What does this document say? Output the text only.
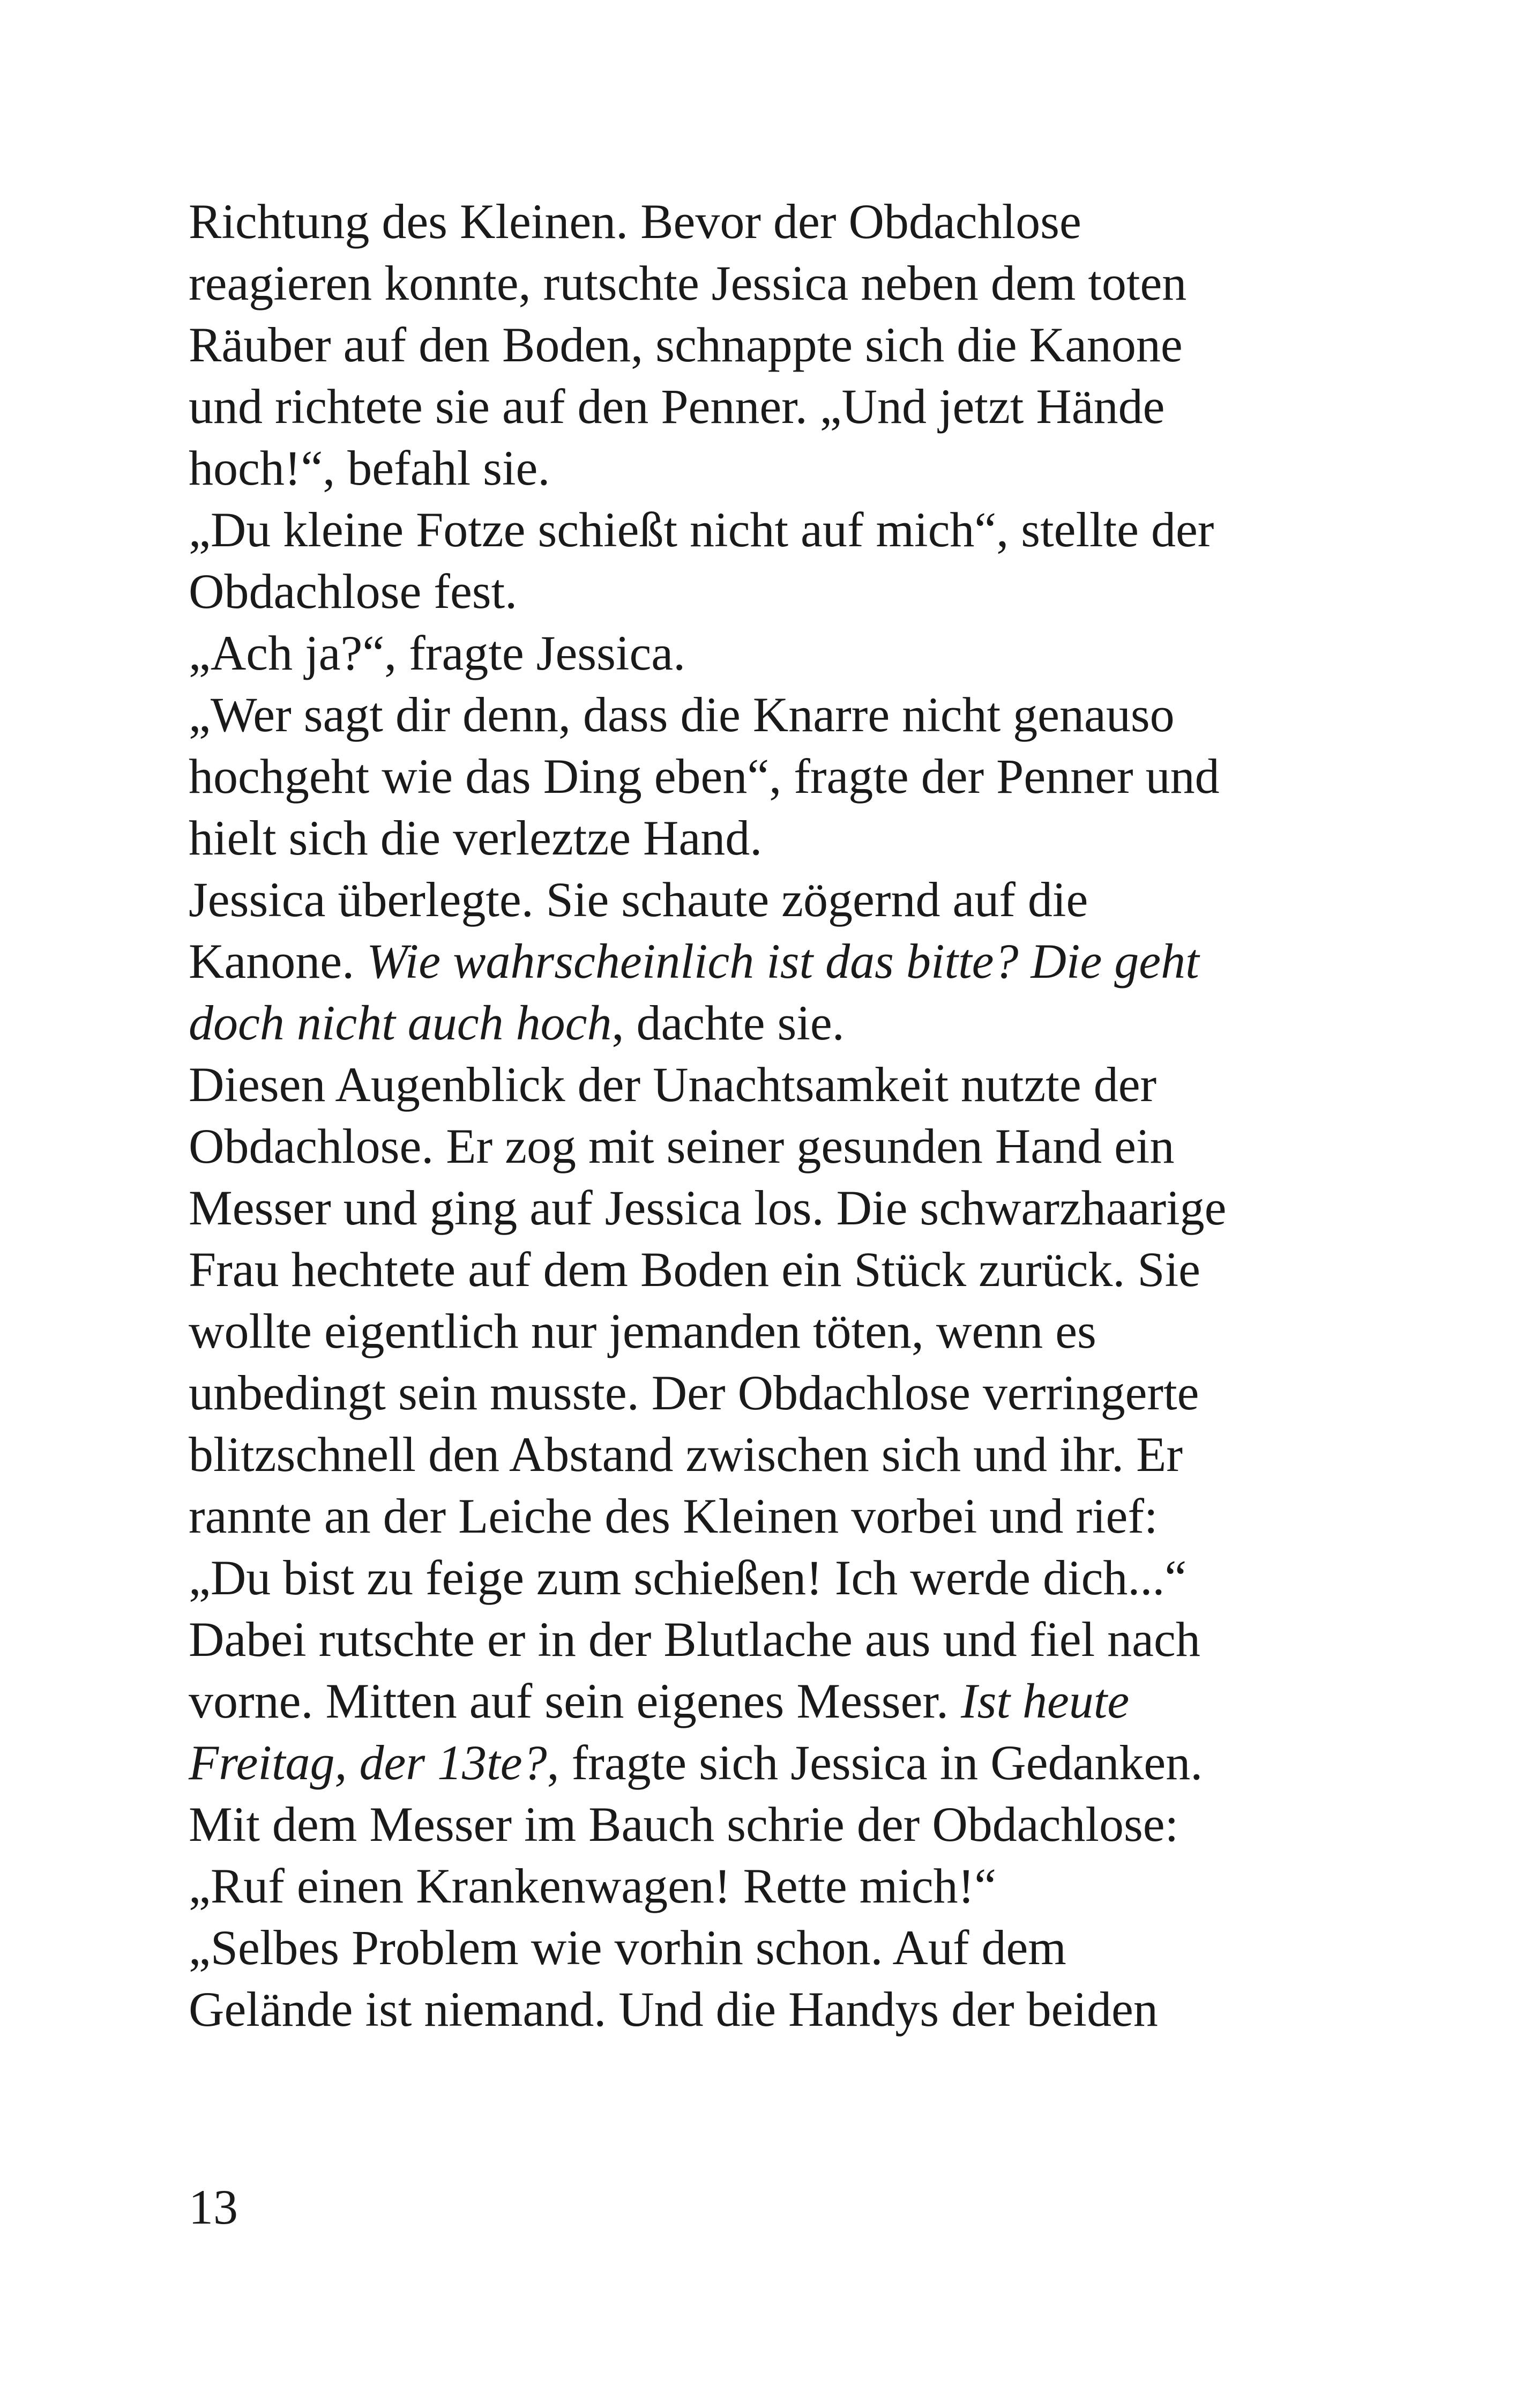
Richtung des Kleinen. Bevor der Obdachlose
reagieren konnte, rutschte Jessica neben dem toten
Räuber auf den Boden, schnappte sich die Kanone
und richtete sie auf den Penner. „Und jetzt Hände
hoch!“, befahl sie.
„Du kleine Fotze schießt nicht auf mich“, stellte der
Obdachlose fest.
„Ach ja?“, fragte Jessica.
„Wer sagt dir denn, dass die Knarre nicht genauso
hochgeht wie das Ding eben“, fragte der Penner und
hielt sich die verleztze Hand.
Jessica überlegte. Sie schaute zögernd auf die
Kanone. Wie wahrscheinlich ist das bitte? Die geht
doch nicht auch hoch, dachte sie.
Diesen Augenblick der Unachtsamkeit nutzte der
Obdachlose. Er zog mit seiner gesunden Hand ein
Messer und ging auf Jessica los. Die schwarzhaarige
Frau hechtete auf dem Boden ein Stück zurück. Sie
wollte eigentlich nur jemanden töten, wenn es
unbedingt sein musste. Der Obdachlose verringerte
blitzschnell den Abstand zwischen sich und ihr. Er
rannte an der Leiche des Kleinen vorbei und rief:
„Du bist zu feige zum schießen! Ich werde dich...“
Dabei rutschte er in der Blutlache aus und fiel nach
vorne. Mitten auf sein eigenes Messer. Ist heute
Freitag, der 13te?, fragte sich Jessica in Gedanken.
Mit dem Messer im Bauch schrie der Obdachlose:
„Ruf einen Krankenwagen! Rette mich!“
„Selbes Problem wie vorhin schon. Auf dem
Gelände ist niemand. Und die Handys der beiden
13
